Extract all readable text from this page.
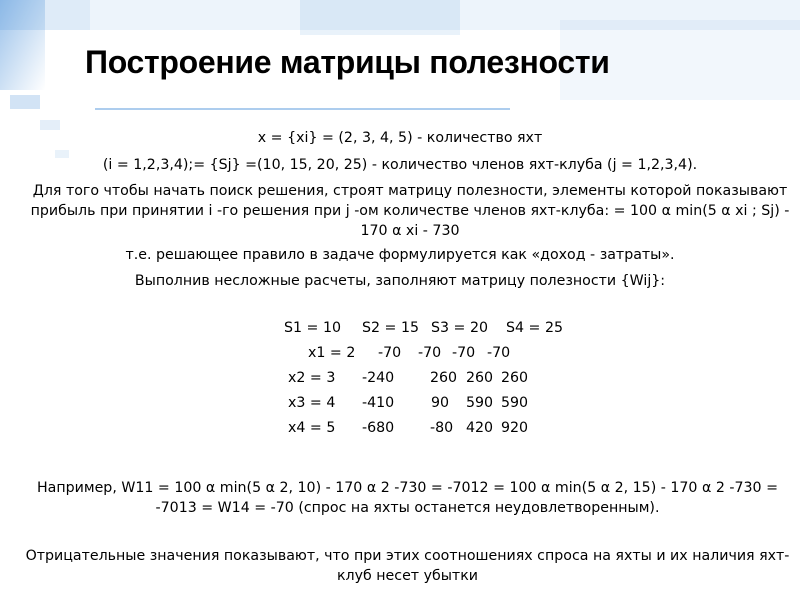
Построение матрицы полезности
x = {xi} = (2, 3, 4, 5) - количество яхт
(i = 1,2,3,4);= {Sj} =(10, 15, 20, 25) - количество членов яхт-клуба (j = 1,2,3,4).
Для того чтобы начать поиск решения, строят матрицу полезности, элементы которой показывают прибыль при принятии i -го решения при j -ом количестве членов яхт-клуба: = 100 α min(5 α xi ; Sj) - 170 α xi - 730
т.е. решающее правило в задаче формулируется как «доход - затраты».
Выполнив несложные расчеты, заполняют матрицу полезности {Wij}:
S1 = 10 S2 = 15 S3 = 20 S4 = 25
x1 = 2 -70 -70 -70 -70
x2 = 3 -240	260 260 260
x3 = 4 -410	90 590 590
x4 = 5 -680	-80 420 920
Например, W11 = 100 α min(5 α 2, 10) - 170 α 2 -730 = -7012 = 100 α min(5 α 2, 15) - 170 α 2 -730 = -7013 = W14 = -70 (спрос на яхты останется неудовлетворенным).
Отрицательные значения показывают, что при этих соотношениях спроса на яхты и их наличия яхт-клуб несет убытки
